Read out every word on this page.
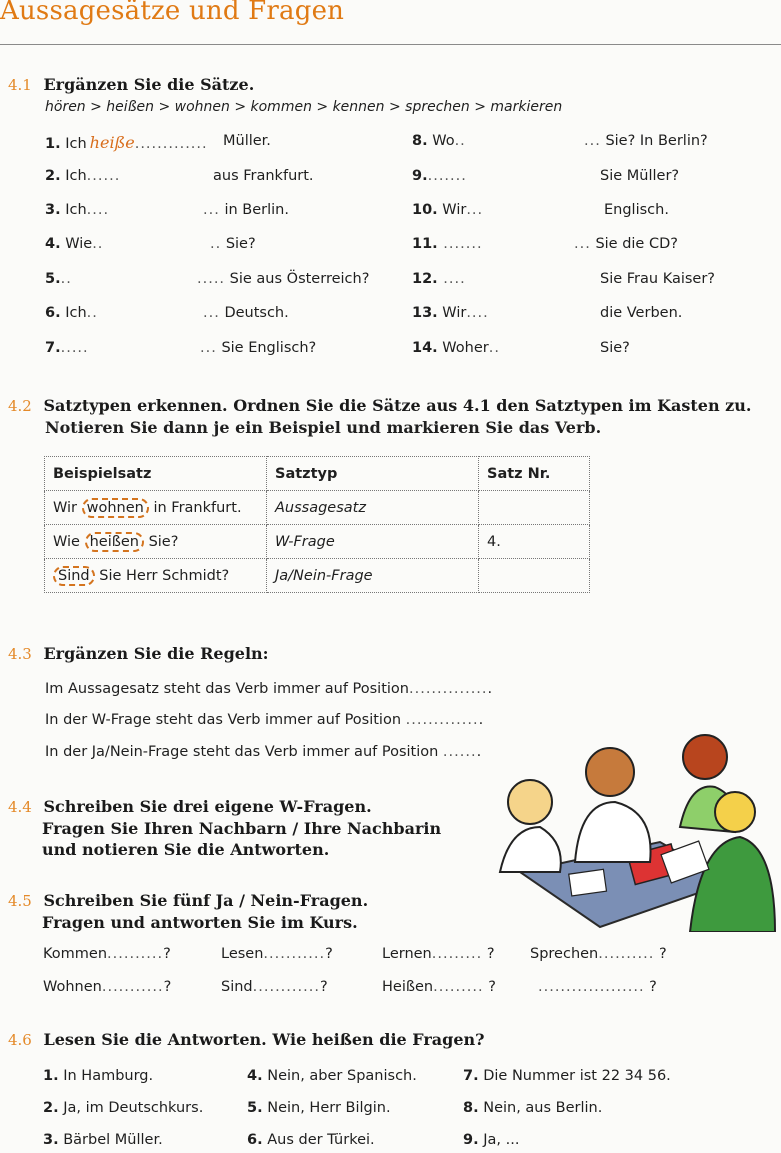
Aussagesätze und Fragen
4.1 Ergänzen Sie die Sätze.
hören > heißen > wohnen > kommen > kennen > sprechen > markieren
1. Ich heiße............. Müller.
2. Ich......	aus Frankfurt.
3. Ich....	... in Berlin.
4. Wie..	.. Sie?
5...	..... Sie aus Österreich?
6. Ich..	... Deutsch.
7......	... Sie Englisch?
8. Wo..	... Sie? In Berlin?
9........	Sie Müller?
10. Wir...	Englisch.
11. .......	... Sie die CD?
12. ....	Sie Frau Kaiser?
13. Wir....	die Verben.
14. Woher..	Sie?
4.2 Satztypen erkennen. Ordnen Sie die Sätze aus 4.1 den Satztypen im Kasten zu.
Notieren Sie dann je ein Beispiel und markieren Sie das Verb.
Beispielsatz	Satztyp	Satz Nr.
Wir wohnen in Frankfurt.	Aussagesatz	
Wie heißen Sie?	W-Frage	4.
Sind Sie Herr Schmidt?	Ja/Nein-Frage	
4.3 Ergänzen Sie die Regeln:
Im Aussagesatz steht das Verb immer auf Position...............
In der W-Frage steht das Verb immer auf Position ..............
In der Ja/Nein-Frage steht das Verb immer auf Position .......
4.4 Schreiben Sie drei eigene W-Fragen.
Fragen Sie Ihren Nachbarn / Ihre Nachbarin
und notieren Sie die Antworten.
4.5 Schreiben Sie fünf Ja / Nein-Fragen.
Fragen und antworten Sie im Kurs.
Kommen..........?	Lesen...........?	Lernen......... ? Sprechen.......... ?
Wohnen...........?	Sind............?	Heißen......... ?	................... ?
4.6 Lesen Sie die Antworten. Wie heißen die Fragen?
1. In Hamburg.	4. Nein, aber Spanisch.	7. Die Nummer ist 22 34 56.
2. Ja, im Deutschkurs.	5. Nein, Herr Bilgin.	8. Nein, aus Berlin.
3. Bärbel Müller.	6. Aus der Türkei.	9. Ja, ...
